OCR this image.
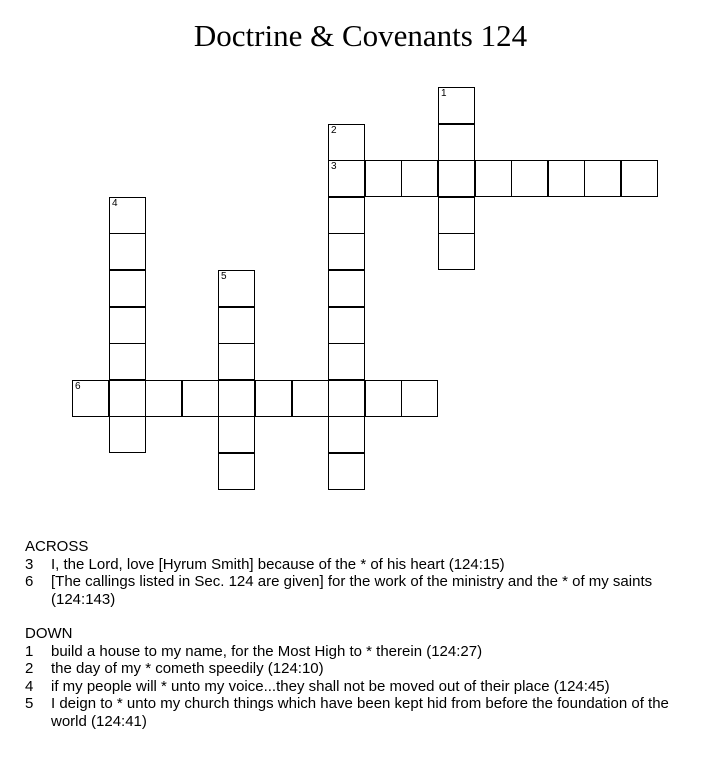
Doctrine & Covenants 124
1
2
3
4
5
6
ACROSS
3	I, the Lord, love [Hyrum Smith] because of the * of his heart (124:15)
6	[The callings listed in Sec. 124 are given] for the work of the ministry and the * of my saints (124:143)
DOWN
1	build a house to my name, for the Most High to * therein (124:27)
2	the day of my * cometh speedily (124:10)
4	if my people will * unto my voice...they shall not be moved out of their place (124:45)
5	I deign to * unto my church things which have been kept hid from before the foundation of the world (124:41)
